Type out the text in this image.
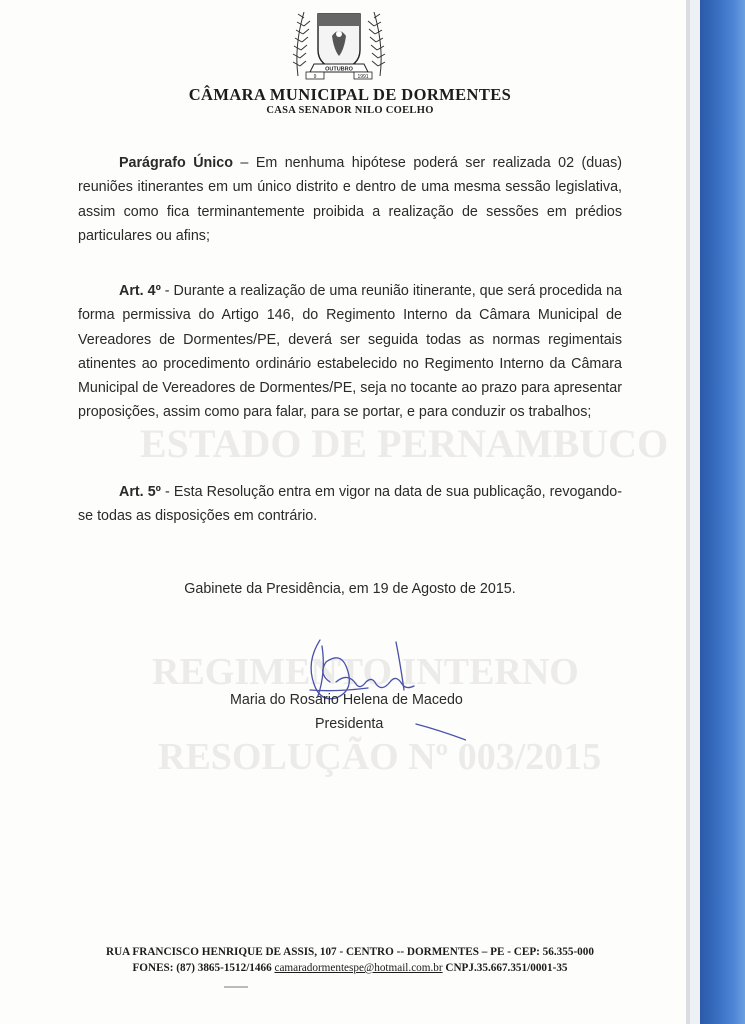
ESTADO DE PERNAMBUCO
REGIMENTO INTERNO
RESOLUÇÃO Nº 003/2015
OUTUBRO
9	1991
CÂMARA MUNICIPAL DE DORMENTES
CASA SENADOR NILO COELHO
Parágrafo Único – Em nenhuma hipótese poderá ser realizada 02 (duas) reuniões itinerantes em um único distrito e dentro de uma mesma sessão legislativa, assim como fica terminantemente proibida a realização de sessões em prédios particulares ou afins;
Art. 4º - Durante a realização de uma reunião itinerante, que será procedida na forma permissiva do Artigo 146, do Regimento Interno da Câmara Municipal de Vereadores de Dormentes/PE, deverá ser seguida todas as normas regimentais atinentes ao procedimento ordinário estabelecido no Regimento Interno da Câmara Municipal de Vereadores de Dormentes/PE, seja no tocante ao prazo para apresentar proposições, assim como para falar, para se portar, e para conduzir os trabalhos;
Art. 5º - Esta Resolução entra em vigor na data de sua publicação, revogando-se todas as disposições em contrário.
Gabinete da Presidência, em 19 de Agosto de 2015.
Maria do Rosario Helena de Macedo
Presidenta
RUA FRANCISCO HENRIQUE DE ASSIS, 107 - CENTRO -- DORMENTES – PE - CEP: 56.355-000
FONES: (87) 3865-1512/1466 camaradormentespe@hotmail.com.br CNPJ.35.667.351/0001-35
